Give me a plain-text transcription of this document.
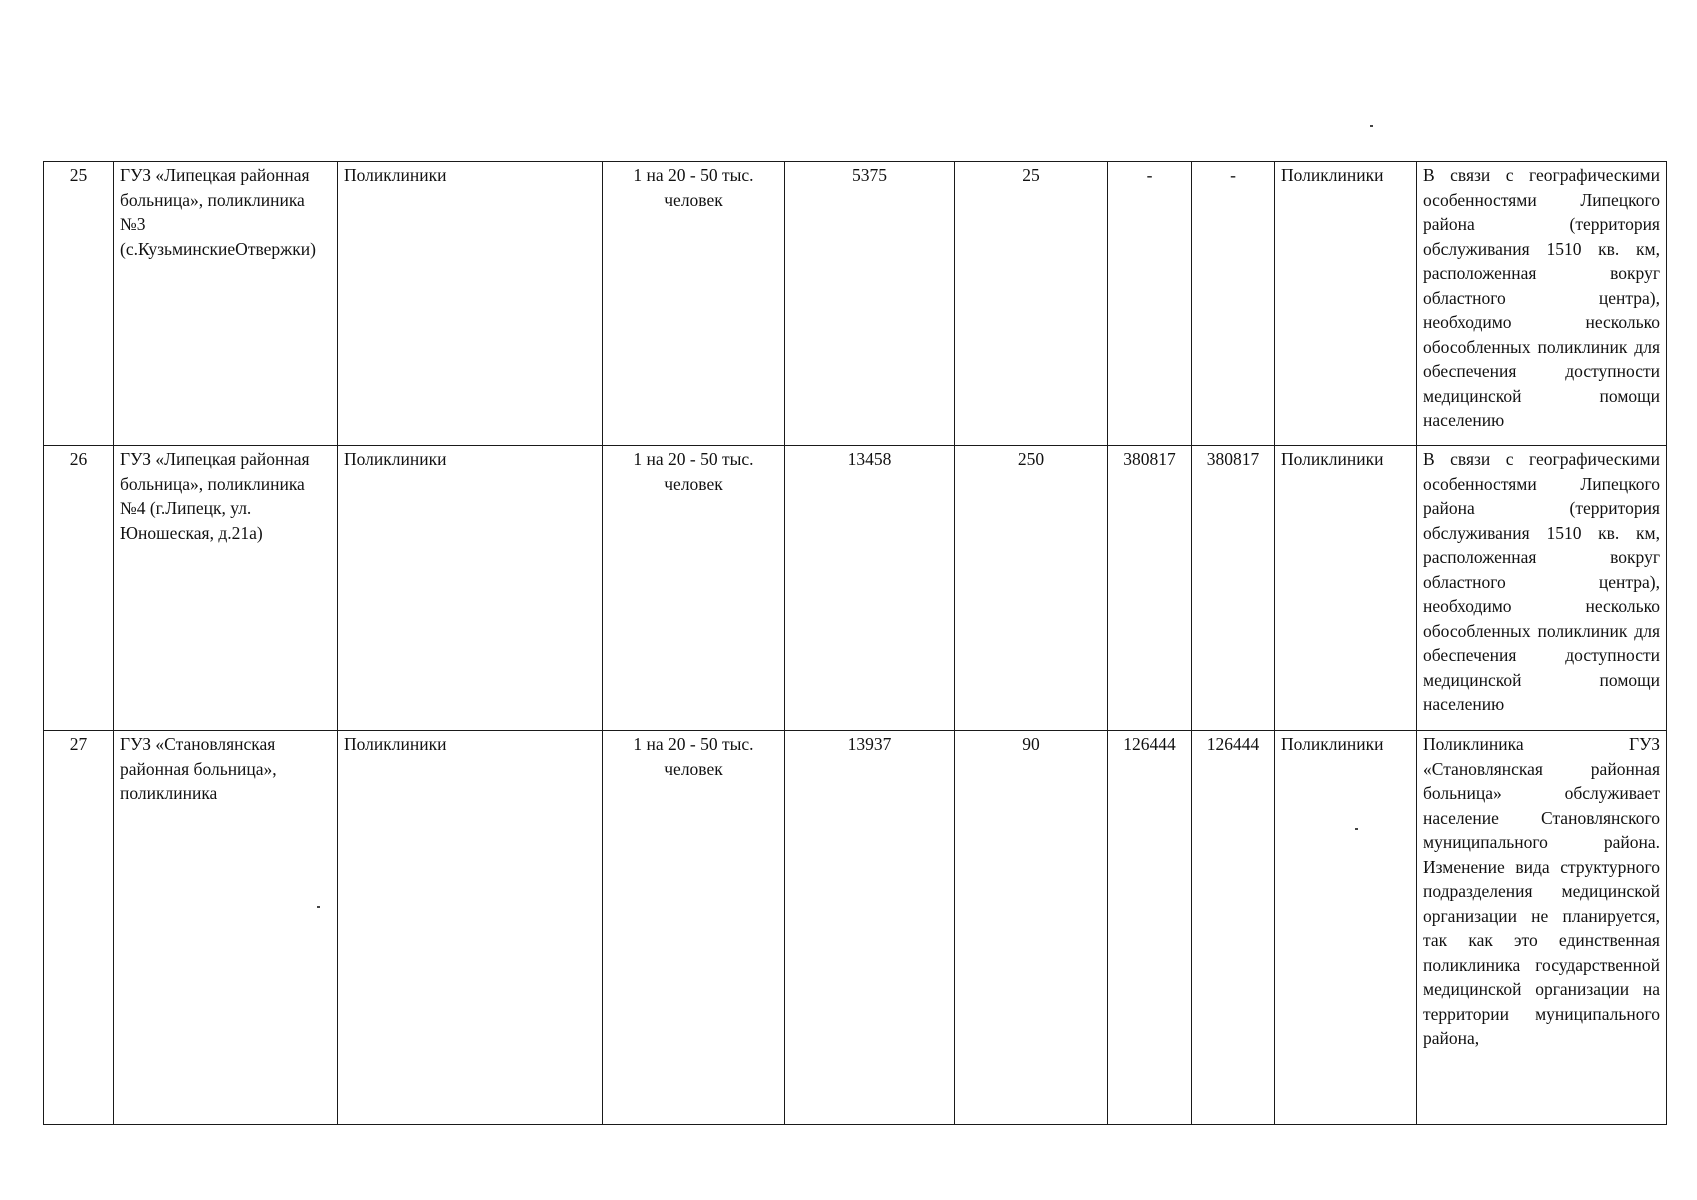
25	ГУЗ «Липецкая районная больница», поликлиника №3 (с.КузьминскиеОтвержки)	Поликлиники	1 на 20 - 50 тыс. человек	5375	25	-	-	Поликлиники	В связи с географическими особенностями Липецкого района (территория обслуживания 1510 кв. км, расположенная вокруг областного центра), необходимо несколько обособленных поликлиник для обеспечения доступности медицинской помощи населению
26	ГУЗ «Липецкая районная больница», поликлиника №4 (г.Липецк, ул. Юношеская, д.21а)	Поликлиники	1 на 20 - 50 тыс. человек	13458	250	380817	380817	Поликлиники	В связи с географическими особенностями Липецкого района (территория обслуживания 1510 кв. км, расположенная вокруг областного центра), необходимо несколько обособленных поликлиник для обеспечения доступности медицинской помощи населению
27	ГУЗ «Становлянская районная больница», поликлиника	Поликлиники	1 на 20 - 50 тыс. человек	13937	90	126444	126444	Поликлиники	Поликлиника ГУЗ «Становлянская районная больница» обслуживает население Становлянского муниципального района. Изменение вида структурного подразделения медицинской организации не планируется, так как это единственная поликлиника государственной медицинской организации на территории муниципального района,
